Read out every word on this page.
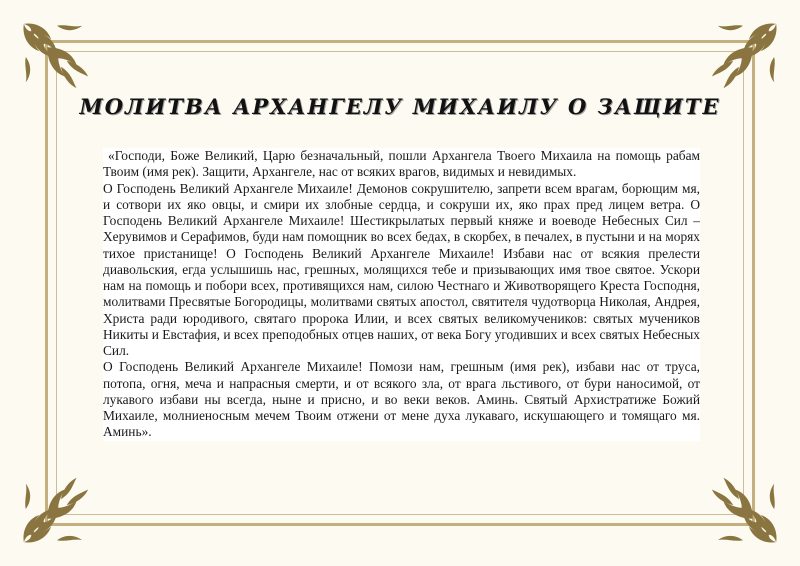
МОЛИТВА АРХАНГЕЛУ МИХАИЛУ О ЗАЩИТЕ

«Господи, Боже Великий, Царю безначальный, пошли Архангела Твоего Михаила на помощь рабам Твоим (имя рек). Защити, Архангеле, нас от всяких врагов, видимых и невидимых.

О Господень Великий Архангеле Михаиле! Демонов сокрушителю, запрети всем врагам, борющим мя, и сотвори их яко овцы, и смири их злобные сердца, и сокруши их, яко прах пред лицем ветра. О Господень Великий Архангеле Михаиле! Шестикрылатых первый княже и воеводе Небесных Сил – Херувимов и Серафимов, буди нам помощник во всех бедах, в скорбех, в печалех, в пустыни и на морях тихое пристанище! О Господень Великий Архангеле Михаиле! Избави нас от всякия прелести диавольския, егда услышишь нас, грешных, молящихся тебе и призывающих имя твое святое. Ускори нам на помощь и побори всех, противящихся нам, силою Честнаго и Животворящего Креста Господня, молитвами Пресвятые Богородицы, молитвами святых апостол, святителя чудотворца Николая, Андрея, Христа ради юродивого, святаго пророка Илии, и всех святых великомучеников: святых мучеников Никиты и Евстафия, и всех преподобных отцев наших, от века Богу угодивших и всех святых Небесных Сил.

О Господень Великий Архангеле Михаиле! Помози нам, грешным (имя рек), избави нас от труса, потопа, огня, меча и напрасныя смерти, и от всякого зла, от врага льстивого, от бури наносимой, от лукавого избави ны всегда, ныне и присно, и во веки веков. Аминь. Святый Архистратиже Божий Михаиле, молниеносным мечем Твоим отжени от мене духа лукаваго, искушающего и томящаго мя. Аминь».
